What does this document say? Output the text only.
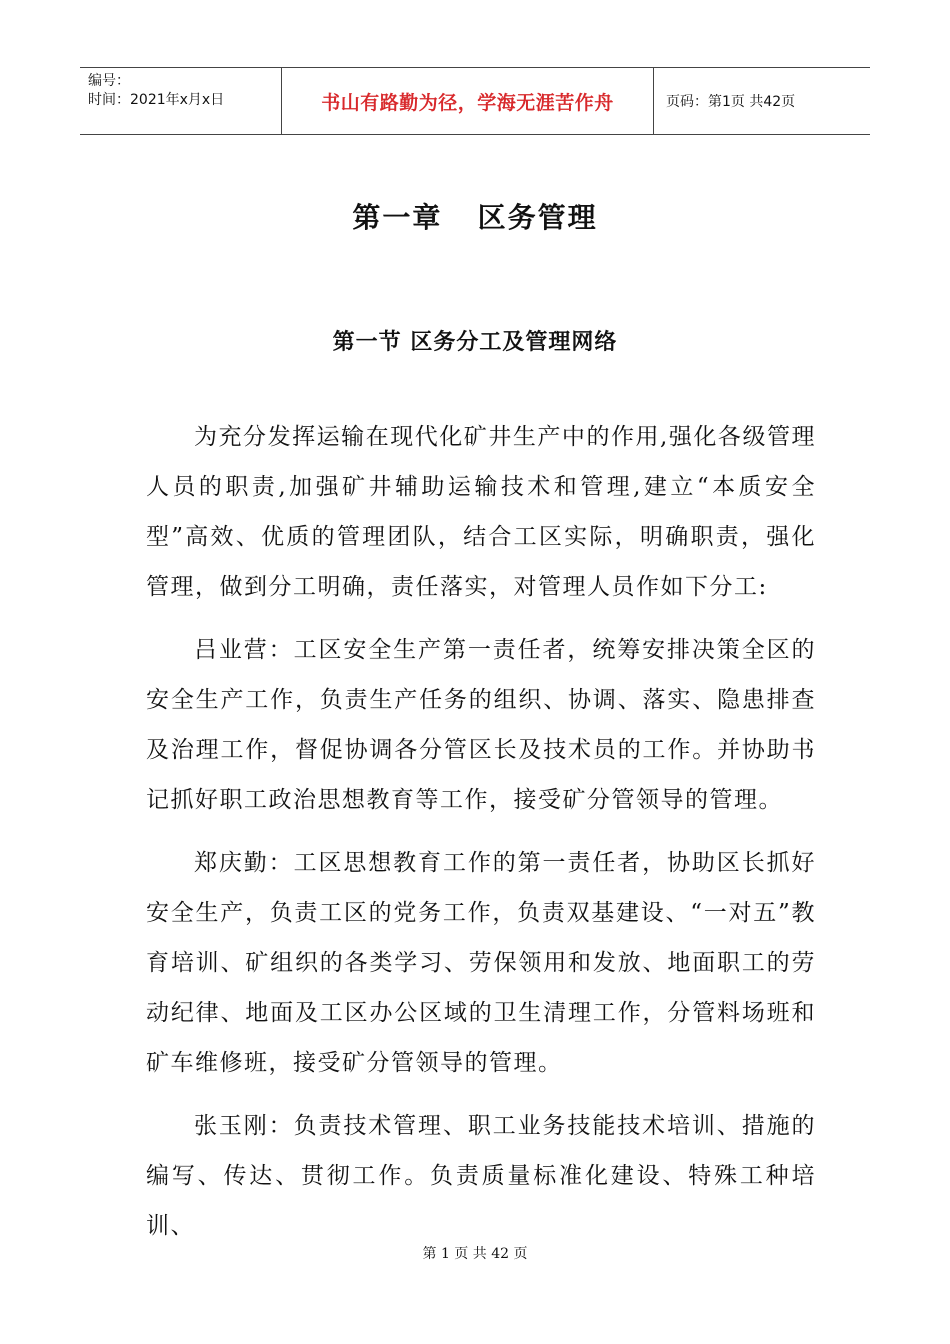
编号：
时间：2021年x月x日	书山有路勤为径，学海无涯苦作舟	页码：第1页 共42页
第一章   区务管理
第一节 区务分工及管理网络

为充分发挥运输在现代化矿井生产中的作用,强化各级管理人员的职责,加强矿井辅助运输技术和管理,建立“本质安全型”高效、优质的管理团队，结合工区实际，明确职责，强化管理，做到分工明确，责任落实，对管理人员作如下分工:

吕业营：工区安全生产第一责任者，统筹安排决策全区的安全生产工作，负责生产任务的组织、协调、落实、隐患排查及治理工作，督促协调各分管区长及技术员的工作。并协助书记抓好职工政治思想教育等工作，接受矿分管领导的管理。

郑庆勤：工区思想教育工作的第一责任者，协助区长抓好安全生产，负责工区的党务工作，负责双基建设、“一对五”教育培训、矿组织的各类学习、劳保领用和发放、地面职工的劳动纪律、地面及工区办公区域的卫生清理工作，分管料场班和矿车维修班，接受矿分管领导的管理。

张玉刚：负责技术管理、职工业务技能技术培训、措施的编写、传达、贯彻工作。负责质量标准化建设、特殊工种培训、

第 1 页 共 42 页
